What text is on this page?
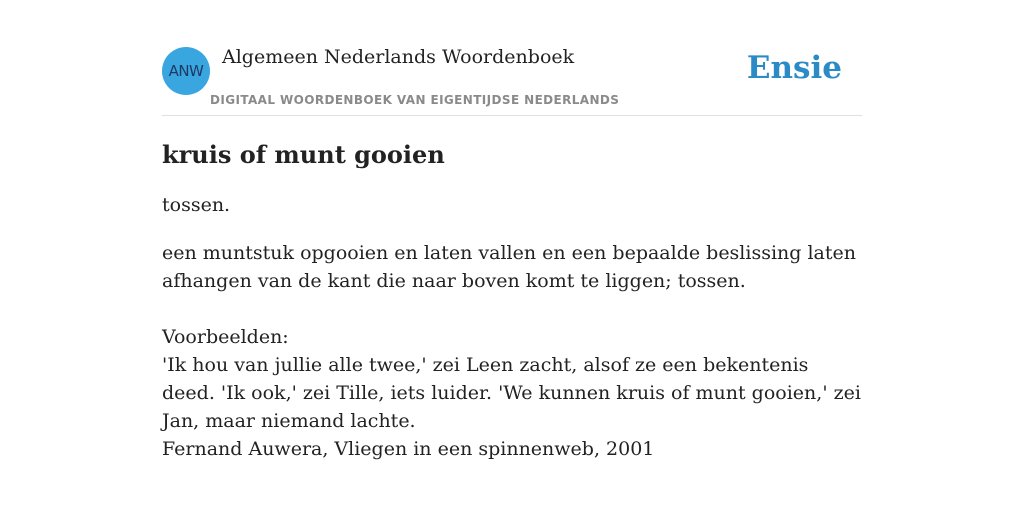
ANW
Algemeen Nederlands Woordenboek
DIGITAAL WOORDENBOEK VAN EIGENTIJDSE NEDERLANDS
Ensie
kruis of munt gooien

tossen.

een muntstuk opgooien en laten vallen en een bepaalde beslissing laten afhangen van de kant die naar boven komt te liggen; tossen.

Voorbeelden:

'Ik hou van jullie alle twee,' zei Leen zacht, alsof ze een bekentenis deed. 'Ik ook,' zei Tille, iets luider. 'We kunnen kruis of munt gooien,' zei Jan, maar niemand lachte.

Fernand Auwera, Vliegen in een spinnenweb, 2001
